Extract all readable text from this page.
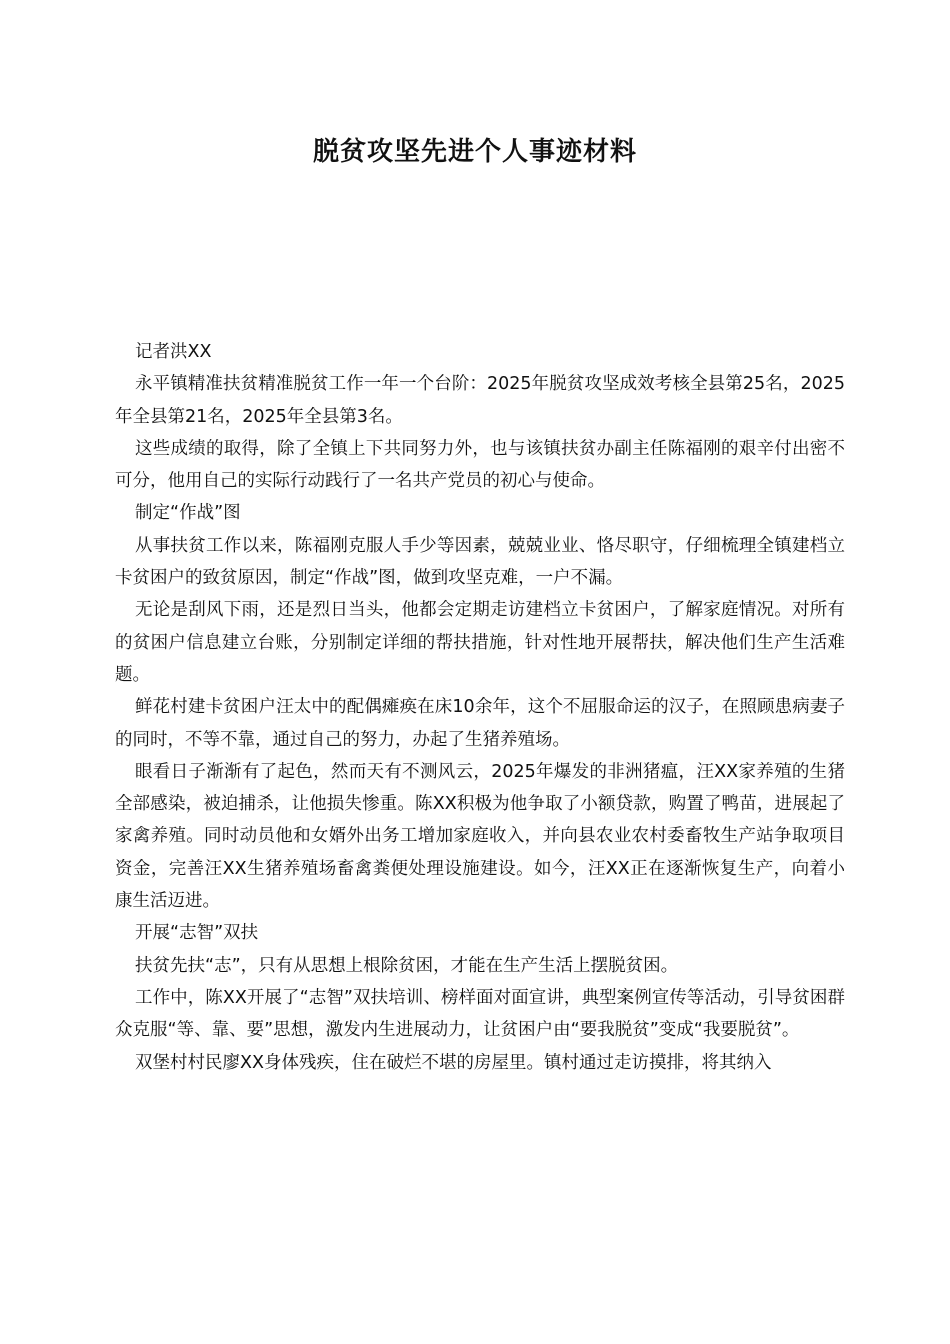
脱贫攻坚先进个人事迹材料

记者洪XX

永平镇精准扶贫精准脱贫工作一年一个台阶：2025年脱贫攻坚成效考核全县第25名，2025年全县第21名，2025年全县第3名。

这些成绩的取得，除了全镇上下共同努力外，也与该镇扶贫办副主任陈福刚的艰辛付出密不可分，他用自己的实际行动践行了一名共产党员的初心与使命。

制定“作战”图

从事扶贫工作以来，陈福刚克服人手少等因素，兢兢业业、恪尽职守，仔细梳理全镇建档立卡贫困户的致贫原因，制定“作战”图，做到攻坚克难，一户不漏。

无论是刮风下雨，还是烈日当头，他都会定期走访建档立卡贫困户，了解家庭情况。对所有的贫困户信息建立台账，分别制定详细的帮扶措施，针对性地开展帮扶，解决他们生产生活难题。

鲜花村建卡贫困户汪太中的配偶瘫痪在床10余年，这个不屈服命运的汉子，在照顾患病妻子的同时，不等不靠，通过自己的努力，办起了生猪养殖场。

眼看日子渐渐有了起色，然而天有不测风云，2025年爆发的非洲猪瘟，汪XX家养殖的生猪全部感染，被迫捕杀，让他损失惨重。陈XX积极为他争取了小额贷款，购置了鸭苗，进展起了家禽养殖。同时动员他和女婿外出务工增加家庭收入，并向县农业农村委畜牧生产站争取项目资金，完善汪XX生猪养殖场畜禽粪便处理设施建设。如今，汪XX正在逐渐恢复生产，向着小康生活迈进。

开展“志智”双扶

扶贫先扶“志”，只有从思想上根除贫困，才能在生产生活上摆脱贫困。

工作中，陈XX开展了“志智”双扶培训、榜样面对面宣讲，典型案例宣传等活动，引导贫困群众克服“等、靠、要”思想，激发内生进展动力，让贫困户由“要我脱贫”变成“我要脱贫”。

双堡村村民廖XX身体残疾，住在破烂不堪的房屋里。镇村通过走访摸排，将其纳入
